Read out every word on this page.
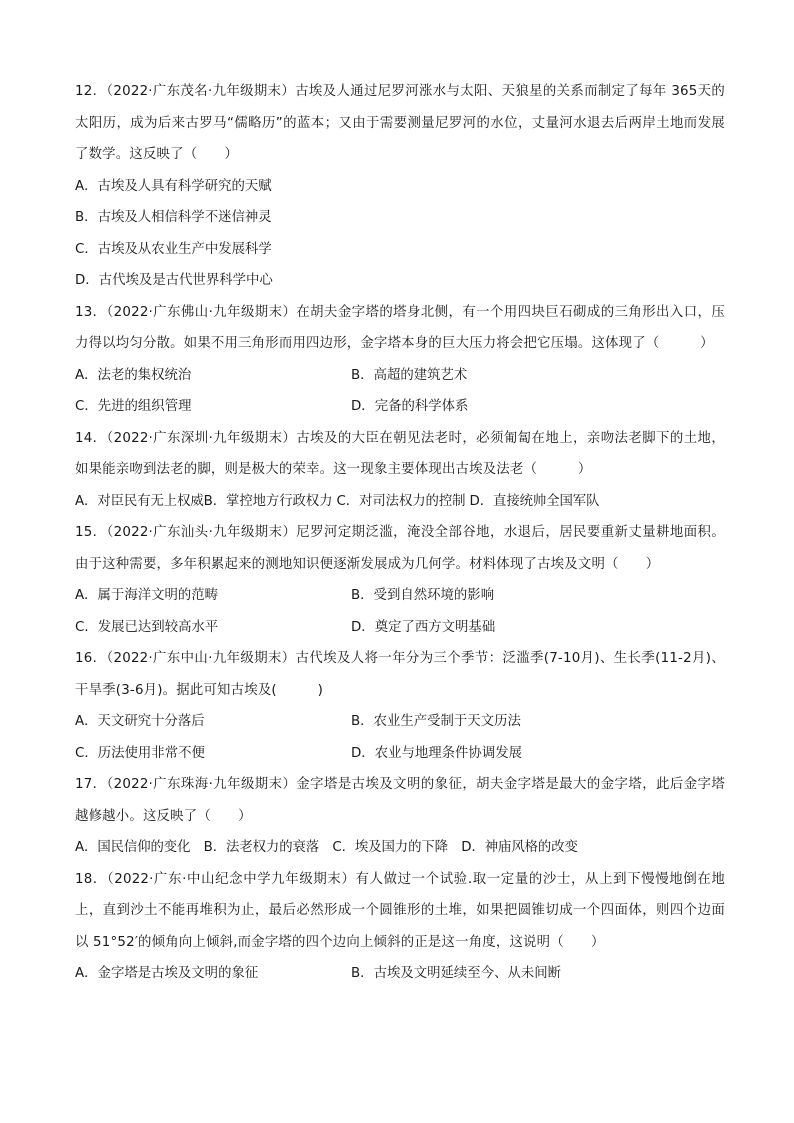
12．（2022·广东茂名·九年级期末）古埃及人通过尼罗河涨水与太阳、天狼星的关系而制定了每年 365天的太阳历，成为后来古罗马“儒略历”的蓝本；又由于需要测量尼罗河的水位，丈量河水退去后两岸土地而发展了数学。这反映了（　　）

A．古埃及人具有科学研究的天赋
B．古埃及人相信科学不迷信神灵
C．古埃及从农业生产中发展科学
D．古代埃及是古代世界科学中心

13．（2022·广东佛山·九年级期末）在胡夫金字塔的塔身北侧，有一个用四块巨石砌成的三角形出入口，压力得以均匀分散。如果不用三角形而用四边形，金字塔本身的巨大压力将会把它压塌。这体现了（　　　）

A．法老的集权统治	B．高超的建筑艺术
C．先进的组织管理	D．完备的科学体系

14．（2022·广东深圳·九年级期末）古埃及的大臣在朝见法老时，必须匍匐在地上，亲吻法老脚下的土地，如果能亲吻到法老的脚，则是极大的荣幸。这一现象主要体现出古埃及法老（　　　）

A．对臣民有无上权威B．掌控地方行政权力 C．对司法权力的控制 D．直接统帅全国军队

15．（2022·广东汕头·九年级期末）尼罗河定期泛滥，淹没全部谷地，水退后，居民要重新丈量耕地面积。由于这种需要，多年积累起来的测地知识便逐渐发展成为几何学。材料体现了古埃及文明（　　）

A．属于海洋文明的范畴	B．受到自然环境的影响
C．发展已达到较高水平	D．奠定了西方文明基础

16．（2022·广东中山·九年级期末）古代埃及人将一年分为三个季节：泛滥季(7-10月)、生长季(11-2月)、干旱季(3-6月)。据此可知古埃及(　　　)

A．天文研究十分落后	B．农业生产受制于天文历法
C．历法使用非常不便	D．农业与地理条件协调发展

17．（2022·广东珠海·九年级期末）金字塔是古埃及文明的象征，胡夫金字塔是最大的金字塔，此后金字塔越修越小。这反映了（　　）

A．国民信仰的变化　B．法老权力的衰落　C．埃及国力的下降　D．神庙风格的改变

18．（2022·广东·中山纪念中学九年级期末）有人做过一个试验.取一定量的沙士，从上到下慢慢地倒在地上，直到沙土不能再堆积为止，最后必然形成一个圆锥形的土堆，如果把圆锥切成一个四面体，则四个边面以 51°52′的倾角向上倾斜,而金字塔的四个边向上倾斜的正是这一角度，这说明（　　）

A．金字塔是古埃及文明的象征	B．古埃及文明延续至今、从未间断
